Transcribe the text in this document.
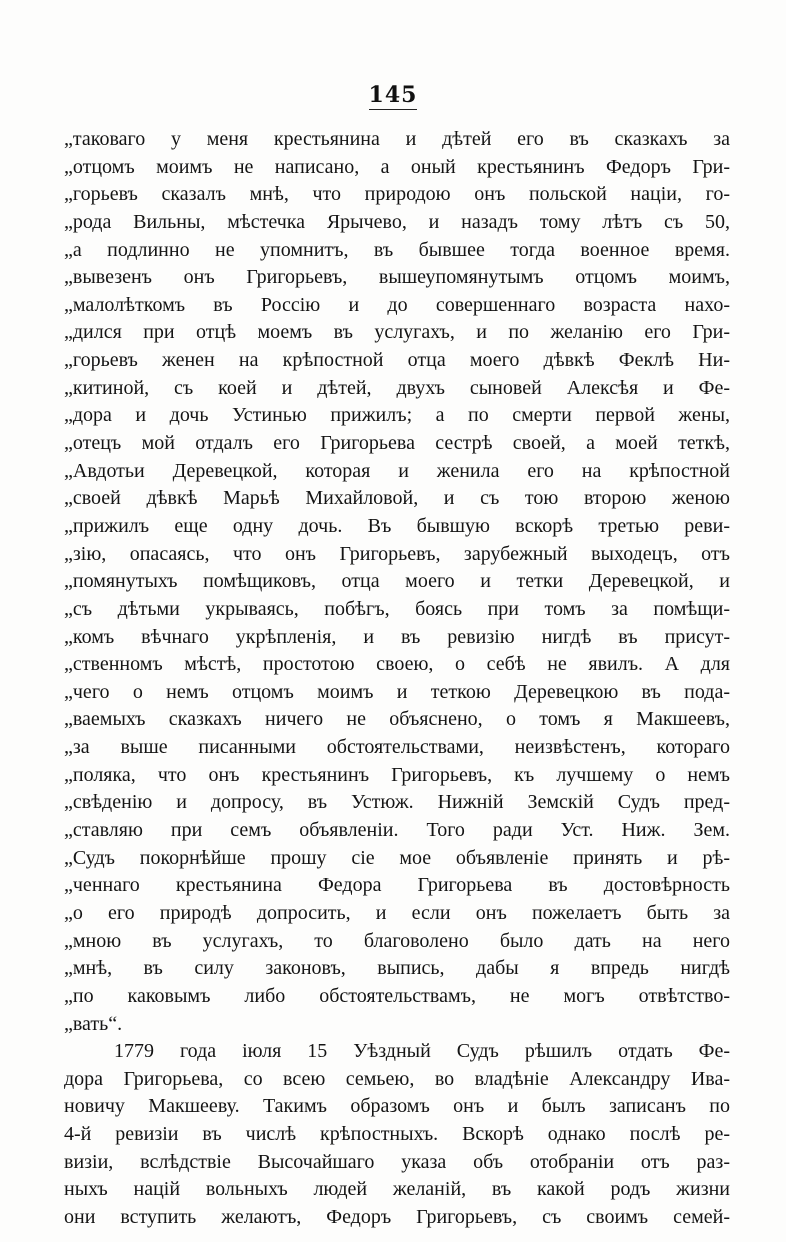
145
„таковаго у меня крестьянина и дѣтей его въ сказкахъ за
„отцомъ моимъ не написано, а оный крестьянинъ Федоръ Гри-
„горьевъ сказалъ мнѣ, что природою онъ польской націи, го-
„рода Вильны, мѣстечка Ярычево, и назадъ тому лѣтъ съ 50,
„а подлинно не упомнитъ, въ бывшее тогда военное время.
„вывезенъ онъ Григорьевъ, вышеупомянутымъ отцомъ моимъ,
„малолѣткомъ въ Россію и до совершеннаго возраста нахо-
„дился при отцѣ моемъ въ услугахъ, и по желанію его Гри-
„горьевъ женен на крѣпостной отца моего дѣвкѣ Феклѣ Ни-
„китиной, съ коей и дѣтей, двухъ сыновей Алексѣя и Фе-
„дора и дочь Устинью прижилъ; а по смерти первой жены,
„отецъ мой отдалъ его Григорьева сестрѣ своей, а моей теткѣ,
„Авдотьи Деревецкой, которая и женила его на крѣпостной
„своей дѣвкѣ Марьѣ Михайловой, и съ тою второю женою
„прижилъ еще одну дочь. Въ бывшую вскорѣ третью реви-
„зію, опасаясь, что онъ Григорьевъ, зарубежный выходецъ, отъ
„помянутыхъ помѣщиковъ, отца моего и тетки Деревецкой, и
„съ дѣтьми укрываясь, побѣгъ, боясь при томъ за помѣщи-
„комъ вѣчнаго укрѣпленія, и въ ревизію нигдѣ въ присут-
„ственномъ мѣстѣ, простотою своею, о себѣ не явилъ. А для
„чего о немъ отцомъ моимъ и теткою Деревецкою въ пода-
„ваемыхъ сказкахъ ничего не объяснено, о томъ я Макшеевъ,
„за выше писанными обстоятельствами, неизвѣстенъ, котораго
„поляка, что онъ крестьянинъ Григорьевъ, къ лучшему о немъ
„свѣденію и допросу, въ Устюж. Нижній Земскій Судъ пред-
„ставляю при семъ объявленіи. Того ради Уст. Ниж. Зем.
„Судъ покорнѣйше прошу сіе мое объявленіе принять и рѣ-
„ченнаго крестьянина Федора Григорьева въ достовѣрность
„о его природѣ допросить, и если онъ пожелаетъ быть за
„мною въ услугахъ, то благоволено было дать на него
„мнѣ, въ силу законовъ, выпись, дабы я впредь нигдѣ
„по каковымъ либо обстоятельствамъ, не могъ отвѣтство-
„вать“.
1779 года іюля 15 Уѣздный Судъ рѣшилъ отдать Фе-
дора Григорьева, со всею семьею, во владѣніе Александру Ива-
новичу Макшееву. Такимъ образомъ онъ и былъ записанъ по
4-й ревизіи въ числѣ крѣпостныхъ. Вскорѣ однако послѣ ре-
визіи, вслѣдствіе Высочайшаго указа объ отобраніи отъ раз-
ныхъ націй вольныхъ людей желаній, въ какой родъ жизни
они вступить желаютъ, Федоръ Григорьевъ, съ своимъ семей-
